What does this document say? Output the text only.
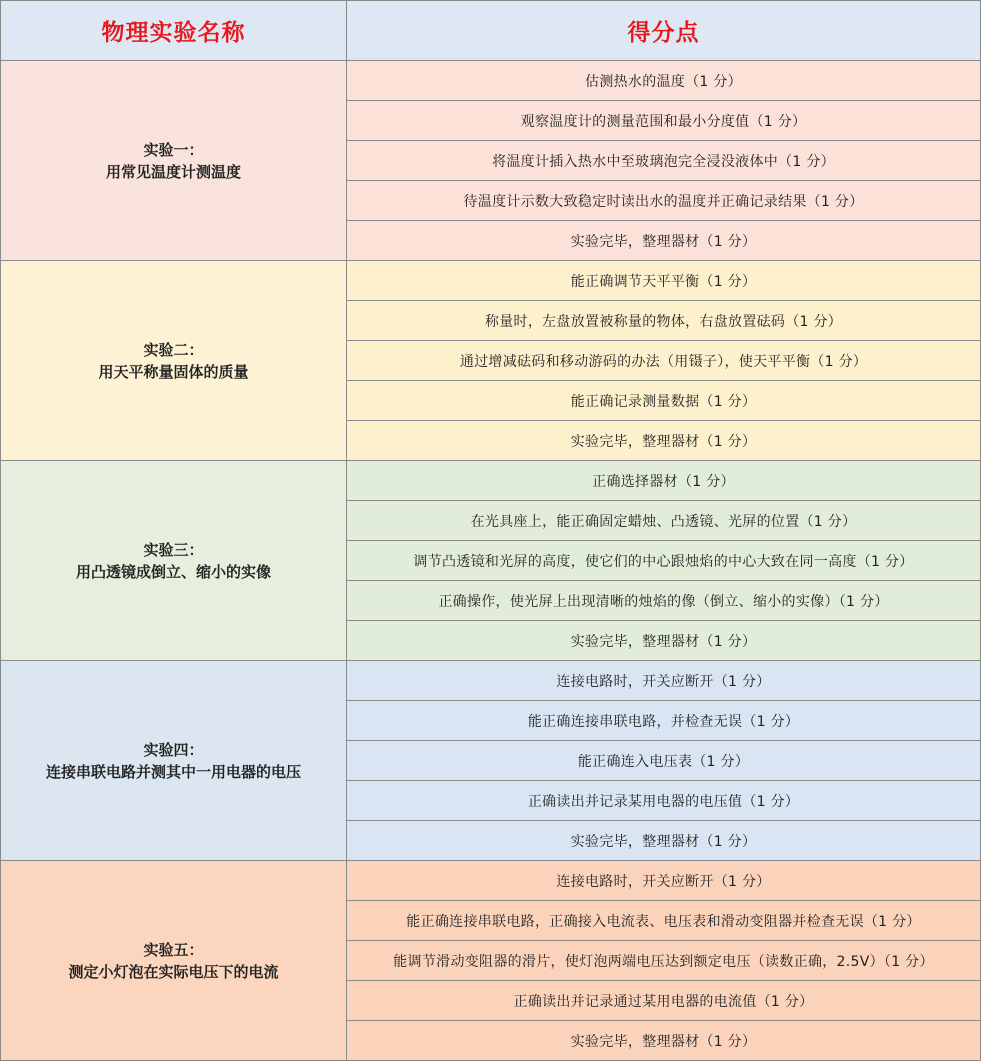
物理实验名称	得分点

实验一：
用常见温度计测温度	估测热水的温度（1 分）
	观察温度计的测量范围和最小分度值（1 分）
	将温度计插入热水中至玻璃泡完全浸没液体中（1 分）
	待温度计示数大致稳定时读出水的温度并正确记录结果（1 分）
	实验完毕，整理器材（1 分）

实验二：
用天平称量固体的质量	能正确调节天平平衡（1 分）
	称量时，左盘放置被称量的物体，右盘放置砝码（1 分）
	通过增减砝码和移动游码的办法（用镊子），使天平平衡（1 分）
	能正确记录测量数据（1 分）
	实验完毕，整理器材（1 分）

实验三：
用凸透镜成倒立、缩小的实像	正确选择器材（1 分）
	在光具座上，能正确固定蜡烛、凸透镜、光屏的位置（1 分）
	调节凸透镜和光屏的高度，使它们的中心跟烛焰的中心大致在同一高度（1 分）
	正确操作，使光屏上出现清晰的烛焰的像（倒立、缩小的实像）（1 分）
	实验完毕，整理器材（1 分）

实验四：
连接串联电路并测其中一用电器的电压	连接电路时，开关应断开（1 分）
	能正确连接串联电路，并检查无误（1 分）
	能正确连入电压表（1 分）
	正确读出并记录某用电器的电压值（1 分）
	实验完毕，整理器材（1 分）

实验五：
测定小灯泡在实际电压下的电流	连接电路时，开关应断开（1 分）
	能正确连接串联电路，正确接入电流表、电压表和滑动变阻器并检查无误（1 分）
	能调节滑动变阻器的滑片，使灯泡两端电压达到额定电压（读数正确，2.5V）（1 分）
	正确读出并记录通过某用电器的电流值（1 分）
	实验完毕，整理器材（1 分）
